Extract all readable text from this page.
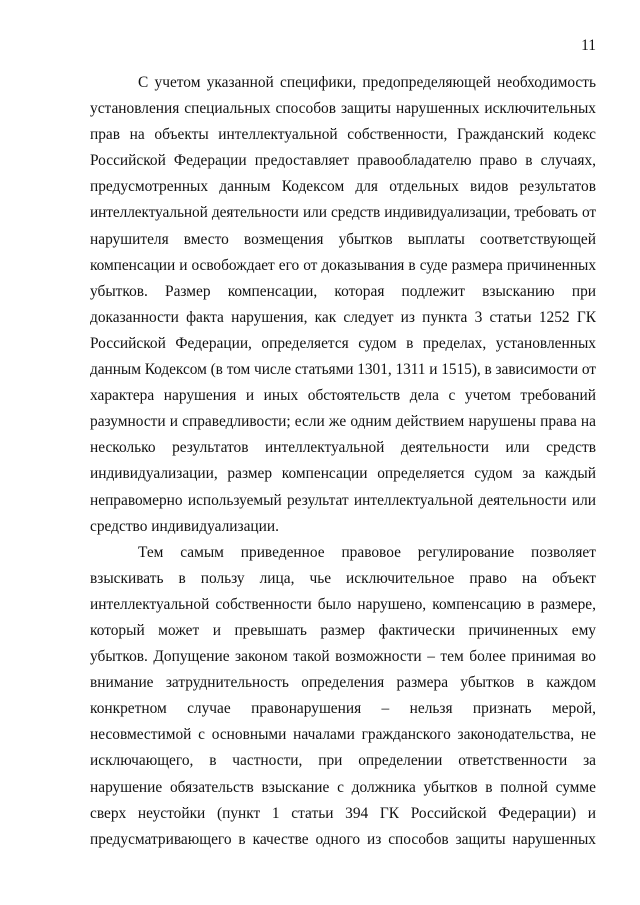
11

С учетом указанной специфики, предопределяющей необходимость
установления специальных способов защиты нарушенных исключительных
прав на объекты интеллектуальной собственности, Гражданский кодекс
Российской Федерации предоставляет правообладателю право в случаях,
предусмотренных данным Кодексом для отдельных видов результатов
интеллектуальной деятельности или средств индивидуализации, требовать от
нарушителя вместо возмещения убытков выплаты соответствующей
компенсации и освобождает его от доказывания в суде размера причиненных
убытков. Размер компенсации, которая подлежит взысканию при
доказанности факта нарушения, как следует из пункта 3 статьи 1252 ГК
Российской Федерации, определяется судом в пределах, установленных
данным Кодексом (в том числе статьями 1301, 1311 и 1515), в зависимости от
характера нарушения и иных обстоятельств дела с учетом требований
разумности и справедливости; если же одним действием нарушены права на
несколько результатов интеллектуальной деятельности или средств
индивидуализации, размер компенсации определяется судом за каждый
неправомерно используемый результат интеллектуальной деятельности или
средство индивидуализации.

Тем самым приведенное правовое регулирование позволяет
взыскивать в пользу лица, чье исключительное право на объект
интеллектуальной собственности было нарушено, компенсацию в размере,
который может и превышать размер фактически причиненных ему
убытков. Допущение законом такой возможности – тем более принимая во
внимание затруднительность определения размера убытков в каждом
конкретном случае правонарушения – нельзя признать мерой,
несовместимой с основными началами гражданского законодательства, не
исключающего, в частности, при определении ответственности за
нарушение обязательств взыскание с должника убытков в полной сумме
сверх неустойки (пункт 1 статьи 394 ГК Российской Федерации) и
предусматривающего в качестве одного из способов защиты нарушенных
